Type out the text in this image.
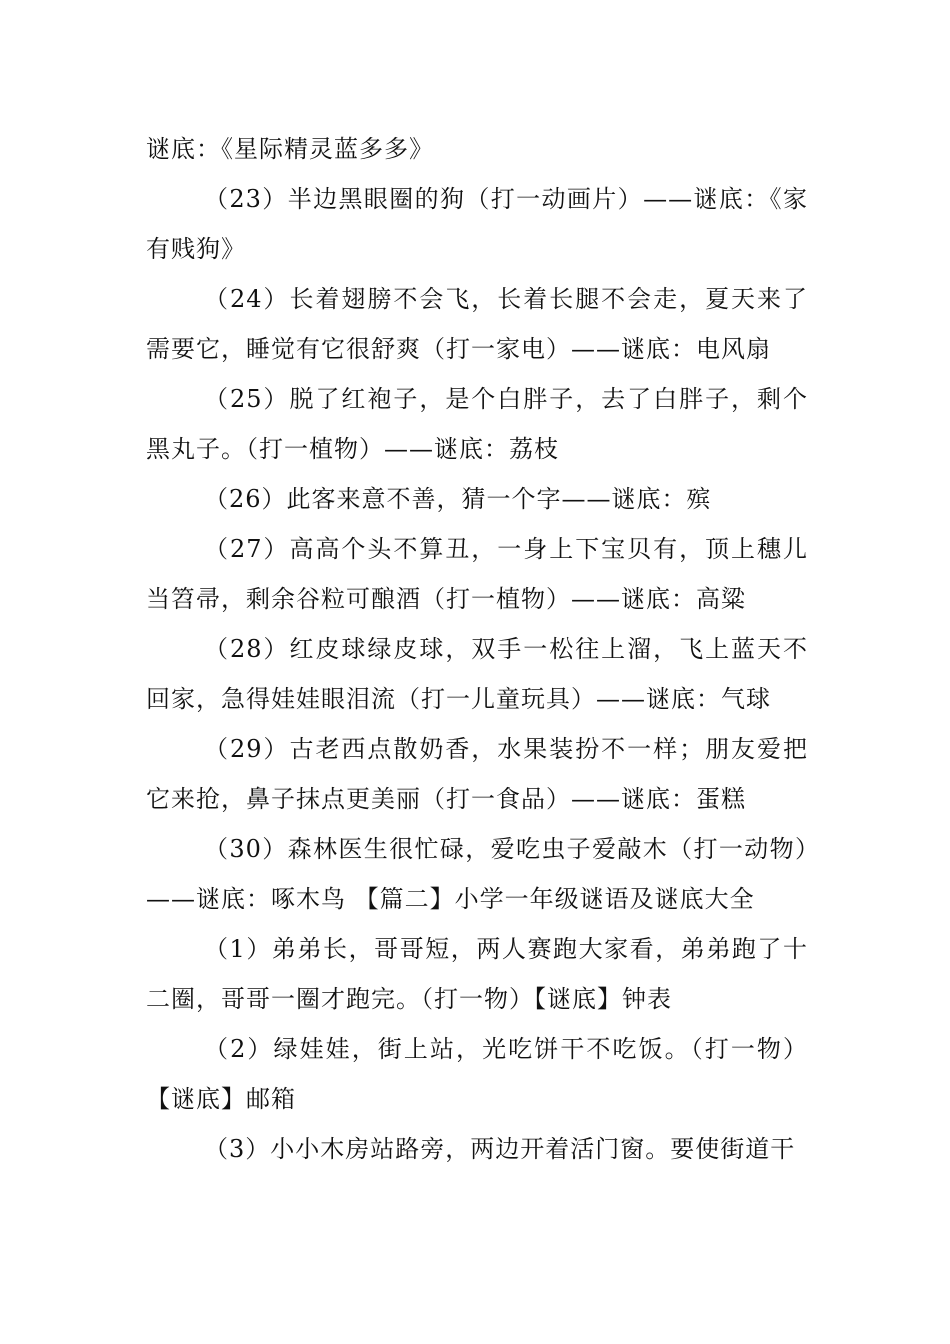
谜底：《星际精灵蓝多多》

（23）半边黑眼圈的狗（打一动画片）——谜底：《家有贱狗》

（24）长着翅膀不会飞，长着长腿不会走，夏天来了需要它，睡觉有它很舒爽（打一家电）——谜底：电风扇

（25）脱了红袍子，是个白胖子，去了白胖子，剩个黑丸子。（打一植物）——谜底：荔枝

（26）此客来意不善，猜一个字——谜底：殡

（27）高高个头不算丑，一身上下宝贝有，顶上穗儿当笤帚，剩余谷粒可酿酒（打一植物）——谜底：高粱

（28）红皮球绿皮球，双手一松往上溜，飞上蓝天不回家，急得娃娃眼泪流（打一儿童玩具）——谜底：气球

（29）古老西点散奶香，水果装扮不一样；朋友爱把它来抢，鼻子抹点更美丽（打一食品）——谜底：蛋糕

（30）森林医生很忙碌，爱吃虫子爱敲木（打一动物）——谜底：啄木鸟 【篇二】小学一年级谜语及谜底大全

（1）弟弟长，哥哥短，两人赛跑大家看，弟弟跑了十二圈，哥哥一圈才跑完。（打一物）【谜底】钟表

（2）绿娃娃，街上站，光吃饼干不吃饭。（打一物）【谜底】邮箱

（3）小小木房站路旁，两边开着活门窗。要使街道干
